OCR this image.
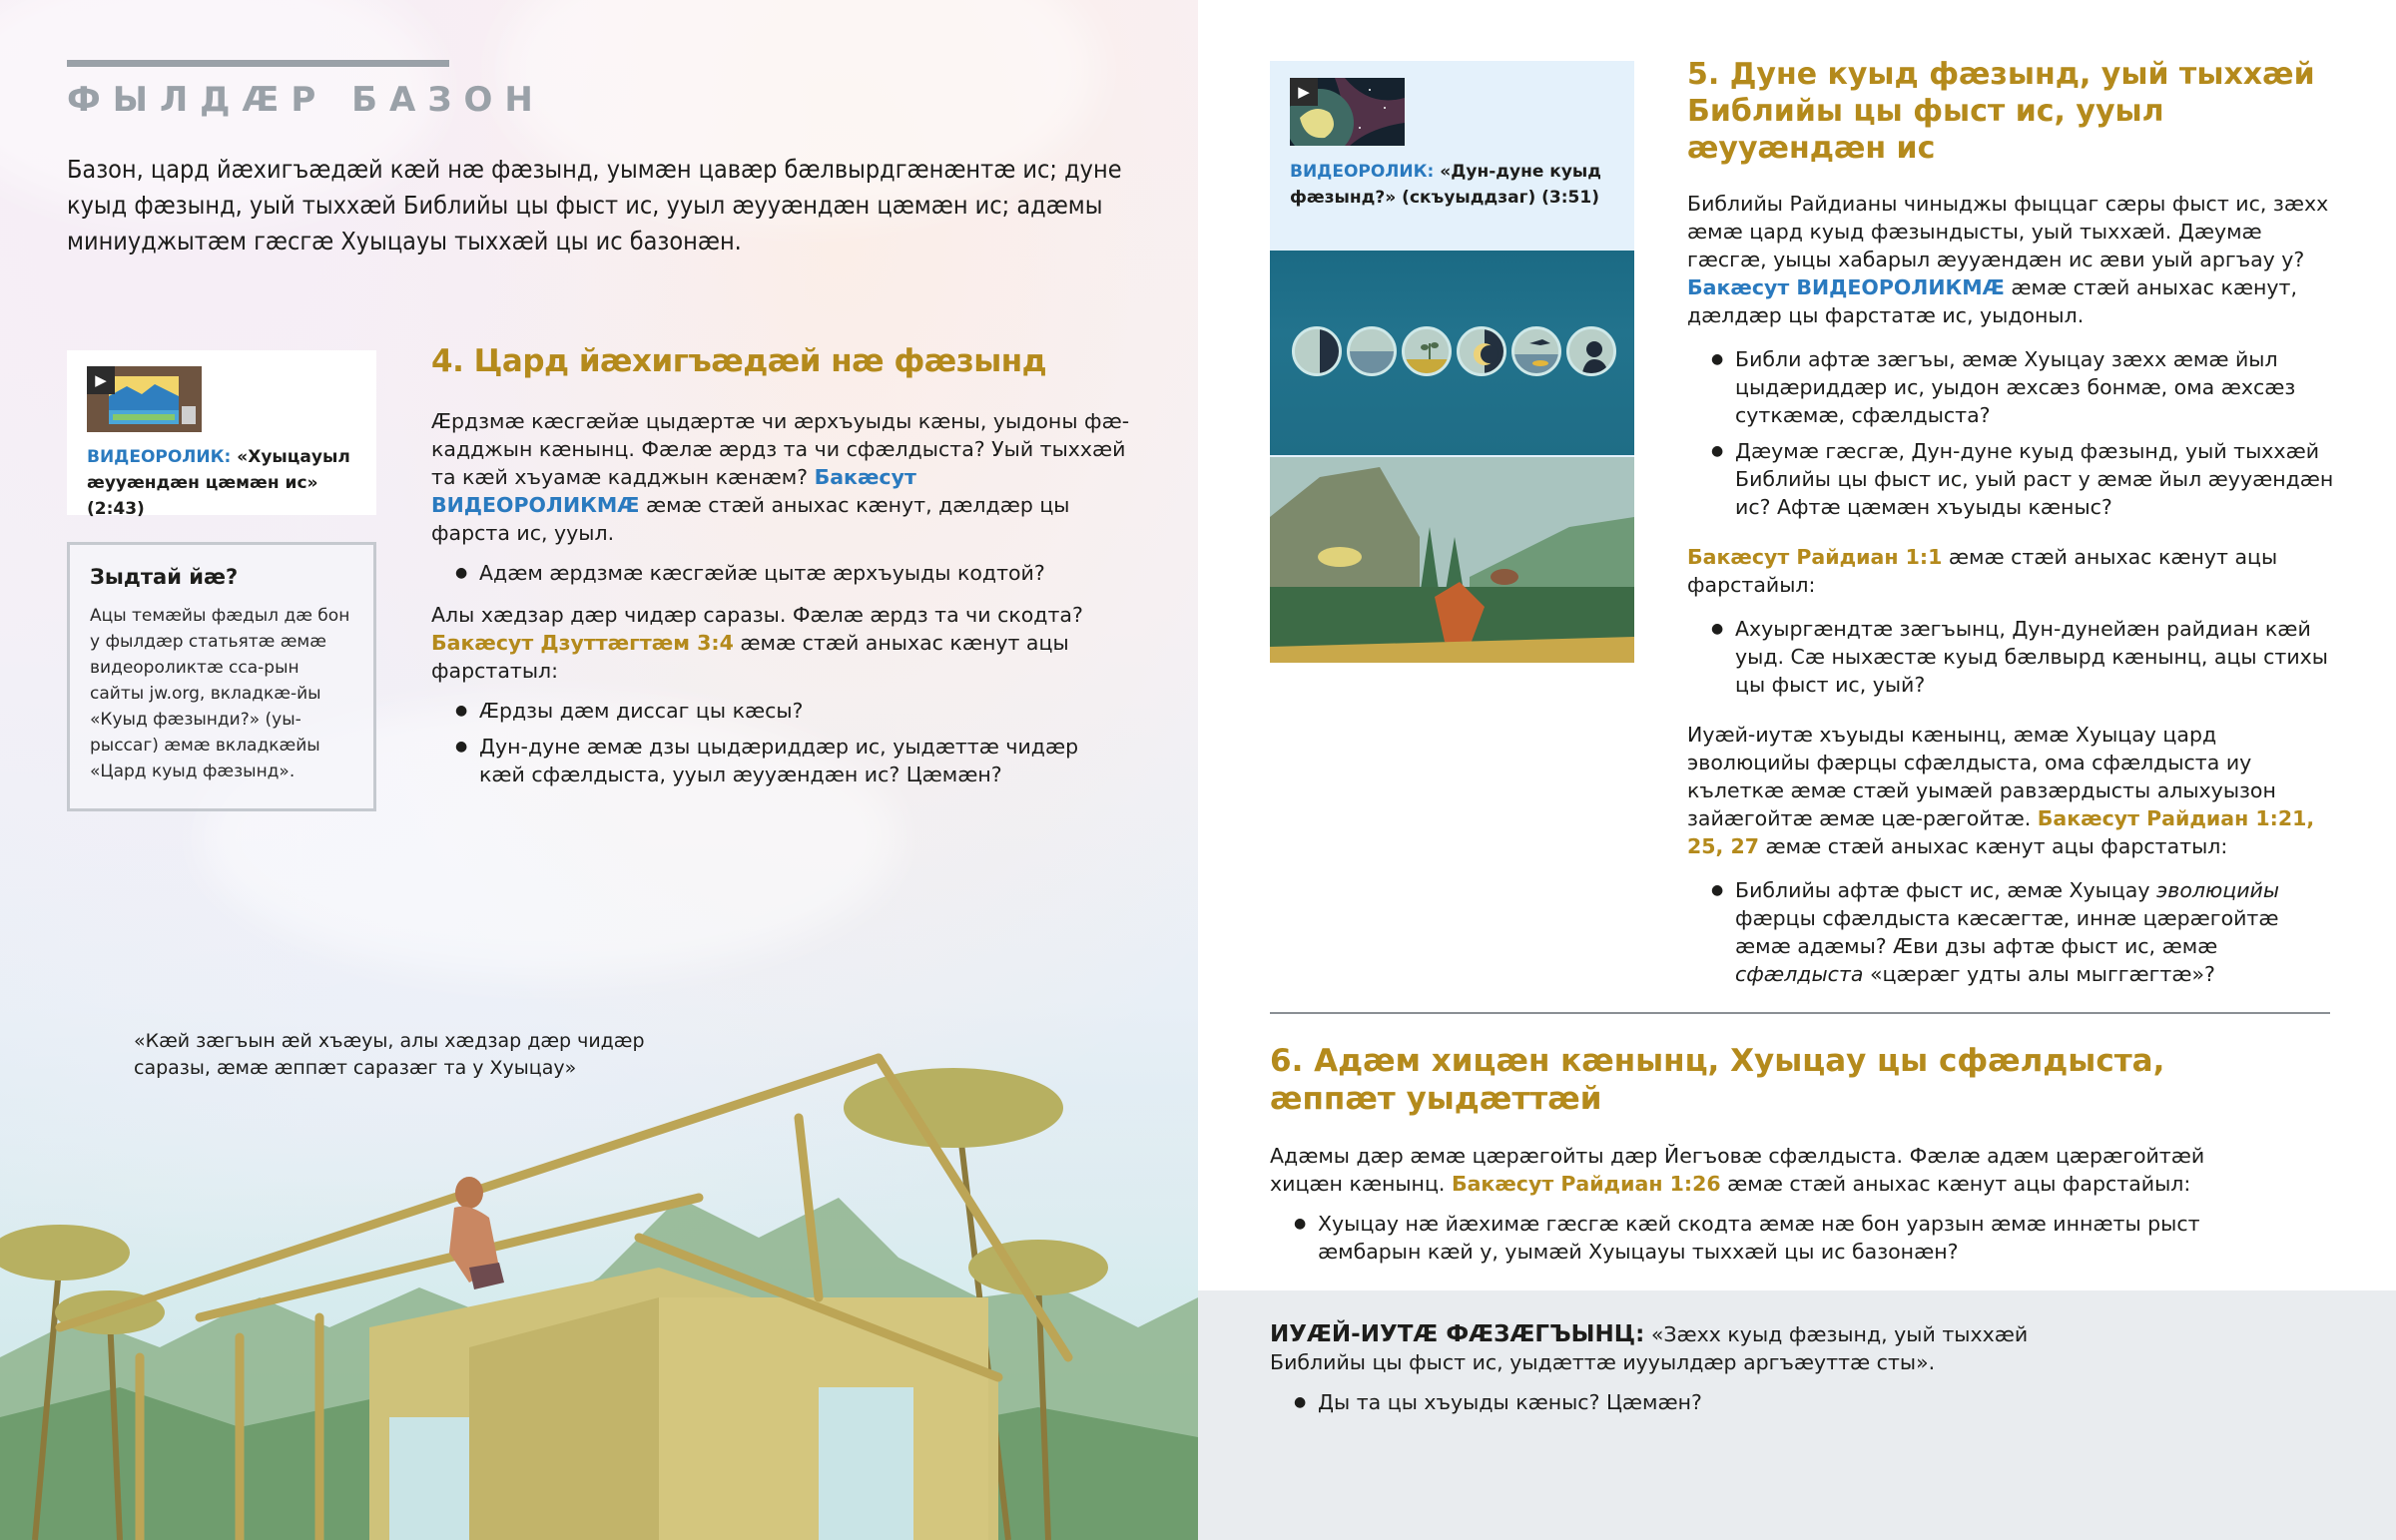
ФЫЛДÆР БАЗОН

Базон, цард йæхигъæдæй кæй нæ фæзынд, уымæн цавæр бæлвырдгæнæнтæ ис; дуне куыд фæзынд, уый тыххæй Библийы цы фыст ис, ууыл æууæндæн цæмæн ис; адæмы миниуджытæм гæсгæ Хуыцауы тыххæй цы ис базонæн.

▶
ВИДЕОРОЛИК: «Хуыцауыл æууæндæн цæмæн ис» (2:43)
Зыдтай йæ?
Ацы темæйы фæдыл дæ бон у фылдæр статьятæ æмæ видеороликтæ сса-рын сайты jw.org, вкладкæ-йы «Куыд фæзынди?» (уы-рыссаг) æмæ вкладкæйы «Цард куыд фæзынд».
4. Цард йæхигъæдæй нæ фæзынд

Æрдзмæ кæсгæйæ цыдæртæ чи æрхъуыды кæны, уыдоны фæ-кадджын кæнынц. Фæлæ æрдз та чи сфæлдыста? Уый тыххæй та кæй хъуамæ кадджын кæнæм? Бакæсут ВИДЕОРОЛИКМÆ æмæ стæй аныхас кæнут, дæлдæр цы фарста ис, ууыл.

● Адæм æрдзмæ кæсгæйæ цытæ æрхъуыды кодтой?

Алы хæдзар дæр чидæр саразы. Фæлæ æрдз та чи скодта? Бакæсут Дзуттæгтæм 3:4 æмæ стæй аныхас кæнут ацы фарстатыл:

● Æрдзы дæм диссаг цы кæсы?
● Дун-дуне æмæ дзы цыдæриддæр ис, уыдæттæ чидæр кæй сфæлдыста, ууыл æууæндæн ис? Цæмæн?

«Кæй зæгъын æй хъæуы, алы хæдзар дæр чидæр саразы, æмæ æппæт саразæг та у Хуыцау»

▶
ВИДЕОРОЛИК: «Дун-дуне куыд фæзынд?» (скъуыддзаг) (3:51)
5. Дуне куыд фæзынд, уый тыххæй Библийы цы фыст ис, ууыл æууæндæн ис

Библийы Райдианы чиныджы фыццаг сæры фыст ис, зæхх æмæ цард куыд фæзындысты, уый тыххæй. Дæумæ гæсгæ, уыцы хабарыл æууæндæн ис æви уый аргъау у? Бакæсут ВИДЕОРОЛИКМÆ æмæ стæй аныхас кæнут, дæлдæр цы фарстатæ ис, уыдоныл.

● Библи афтæ зæгъы, æмæ Хуыцау зæхх æмæ йыл цыдæриддæр ис, уыдон æхсæз бонмæ, ома æхсæз суткæмæ, сфæлдыста?
● Дæумæ гæсгæ, Дун-дуне куыд фæзынд, уый тыххæй Библийы цы фыст ис, уый раст у æмæ йыл æууæндæн ис? Афтæ цæмæн хъуыды кæныс?

Бакæсут Райдиан 1:1 æмæ стæй аныхас кæнут ацы фарстайыл:

● Ахуыргæндтæ зæгъынц, Дун-дунейæн райдиан кæй уыд. Сæ ныхæстæ куыд бæлвырд кæнынц, ацы стихы цы фыст ис, уый?

Иуæй-иутæ хъуыды кæнынц, æмæ Хуыцау цард эволюцийы фæрцы сфæлдыста, ома сфæлдыста иу кълеткæ æмæ стæй уымæй равзæрдысты алыхуызон зайæгойтæ æмæ цæ-рæгойтæ. Бакæсут Райдиан 1:21, 25, 27 æмæ стæй аныхас кæнут ацы фарстатыл:

● Библийы афтæ фыст ис, æмæ Хуыцау эволюцийы фæрцы сфæлдыста кæсæгтæ, иннæ цæрæгойтæ æмæ адæмы? Æви дзы афтæ фыст ис, æмæ сфæлдыста «цæрæг удты алы мыггæгтæ»?
6. Адæм хицæн кæнынц, Хуыцау цы сфæлдыста, æппæт уыдæттæй

Адæмы дæр æмæ цæрæгойты дæр Йегъовæ сфæлдыста. Фæлæ адæм цæрæгойтæй хицæн кæнынц. Бакæсут Райдиан 1:26 æмæ стæй аныхас кæнут ацы фарстайыл:

● Хуыцау нæ йæхимæ гæсгæ кæй скодта æмæ нæ бон уарзын æмæ иннæты рыст æмбарын кæй у, уымæй Хуыцауы тыххæй цы ис базонæн?

ИУÆЙ-ИУТÆ ФÆЗÆГЪЫНЦ: «Зæхх куыд фæзынд, уый тыххæй Библийы цы фыст ис, уыдæттæ иууылдæр аргъæуттæ сты».

● Ды та цы хъуыды кæныс? Цæмæн?
